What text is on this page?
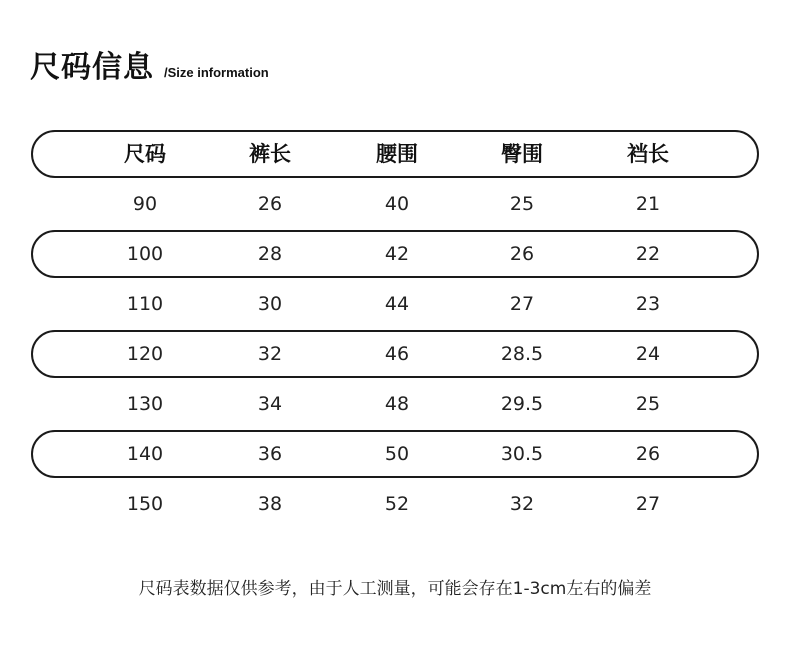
尺码信息 /Size information
尺码	裤长	腰围	臀围	裆长
90	26	40	25	21
100	28	42	26	22
110	30	44	27	23
120	32	46	28.5	24
130	34	48	29.5	25
140	36	50	30.5	26
150	38	52	32	27
尺码表数据仅供参考，由于人工测量，可能会存在1-3cm左右的偏差
